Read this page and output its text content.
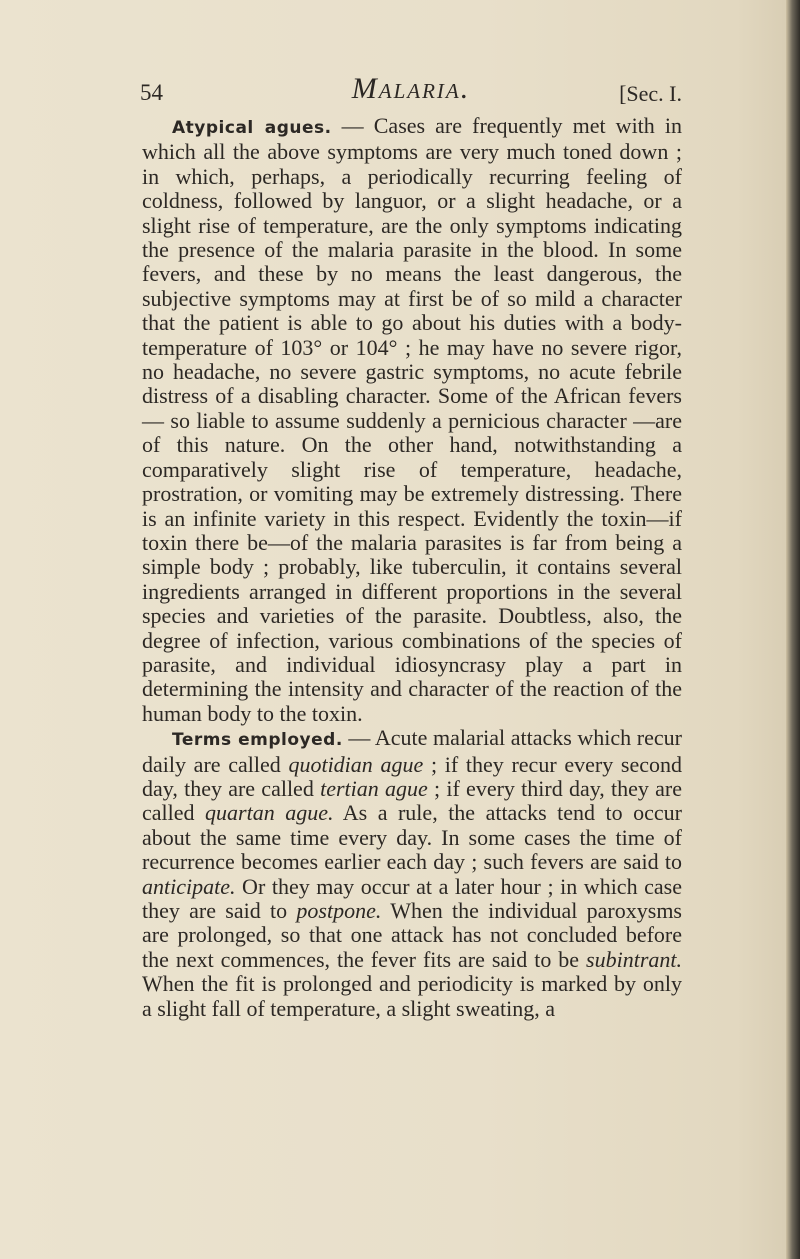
54	Malaria.	[Sec. I.

Atypical agues. — Cases are frequently met with in which all the above symptoms are very much toned down ; in which, perhaps, a periodically recurring feeling of coldness, followed by languor, or a slight headache, or a slight rise of temperature, are the only symptoms indicating the presence of the malaria parasite in the blood. In some fevers, and these by no means the least dangerous, the subjective symptoms may at first be of so mild a character that the patient is able to go about his duties with a body-temperature of 103° or 104° ; he may have no severe rigor, no headache, no severe gastric symptoms, no acute febrile distress of a disabling character. Some of the African fevers— so liable to assume suddenly a pernicious character —are of this nature. On the other hand, notwithstanding a comparatively slight rise of temperature, headache, prostration, or vomiting may be extremely distressing. There is an infinite variety in this respect. Evidently the toxin—if toxin there be—of the malaria parasites is far from being a simple body ; probably, like tuberculin, it contains several ingredients arranged in different proportions in the several species and varieties of the parasite. Doubtless, also, the degree of infection, various combinations of the species of parasite, and individual idiosyncrasy play a part in determining the intensity and character of the reaction of the human body to the toxin.

Terms employed. — Acute malarial attacks which recur daily are called quotidian ague ; if they recur every second day, they are called tertian ague ; if every third day, they are called quartan ague. As a rule, the attacks tend to occur about the same time every day. In some cases the time of recurrence becomes earlier each day ; such fevers are said to anticipate. Or they may occur at a later hour ; in which case they are said to postpone. When the individual paroxysms are prolonged, so that one attack has not concluded before the next commences, the fever fits are said to be subintrant. When the fit is prolonged and periodicity is marked by only a slight fall of temperature, a slight sweating, a
